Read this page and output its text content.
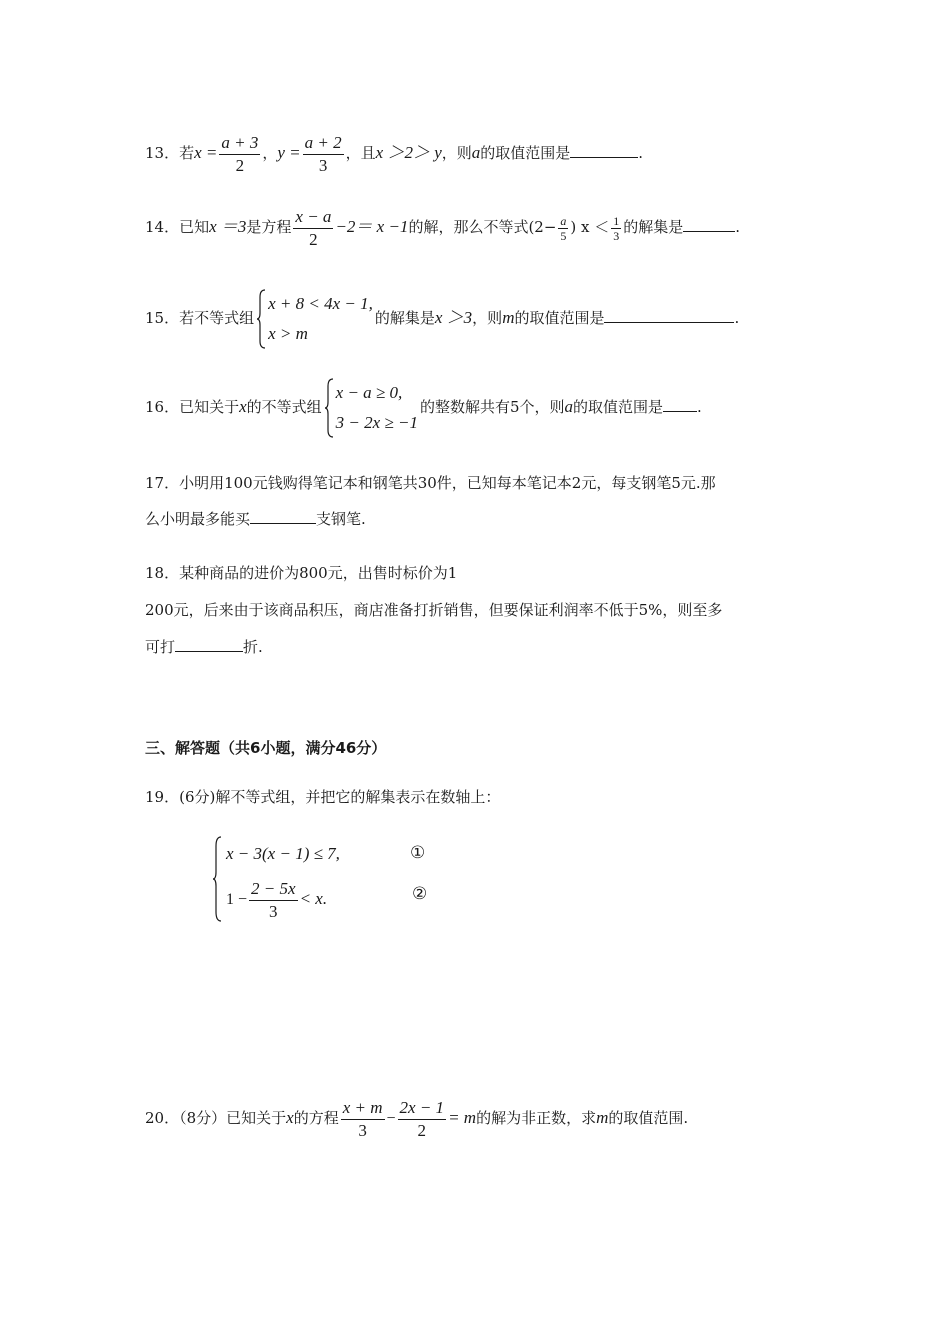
13．若$x = \frac{a + 3}{2}$ ，$y = \frac{a + 2}{3}$ ，且x ＞2＞ y，则a的取值范围是	.
14．已知x ＝3是方程 $\frac{x - a}{2} -2= x -1$的解，那么不等式($2- \frac{a}{5}$ ) $x < \frac{1}{3}$ 的解集是	.
15．若不等式组
x + 8 < 4x − 1,
x > m
的解集是x ＞3，则m的取值范围是	.
16．已知关于x的不等式组
x − a ≥ 0,
3 − 2x ≥ −1
的整数解共有5个，则a的取值范围是 .
17．小明用100元钱购得笔记本和钢笔共30件，已知每本笔记本2元，每支钢笔5元.那
么小明最多能买	支钢笔.
18．某种商品的进价为800元，出售时标价为1
200元，后来由于该商品积压，商店准备打折销售，但要保证利润率不低于5%，则至多
可打	折.
三、解答题（共6小题，满分46分）
19．(6分)解不等式组，并把它的解集表示在数轴上：
x − 3(x − 1) ≤ 7,
$1 - \frac{2 - 5x}{3} < x$.
①
②
20．（8分）已知关于x的方程 $\frac{x + m}{3} - \frac{2x - 1}{2} = m$的解为非正数，求m的取值范围.
